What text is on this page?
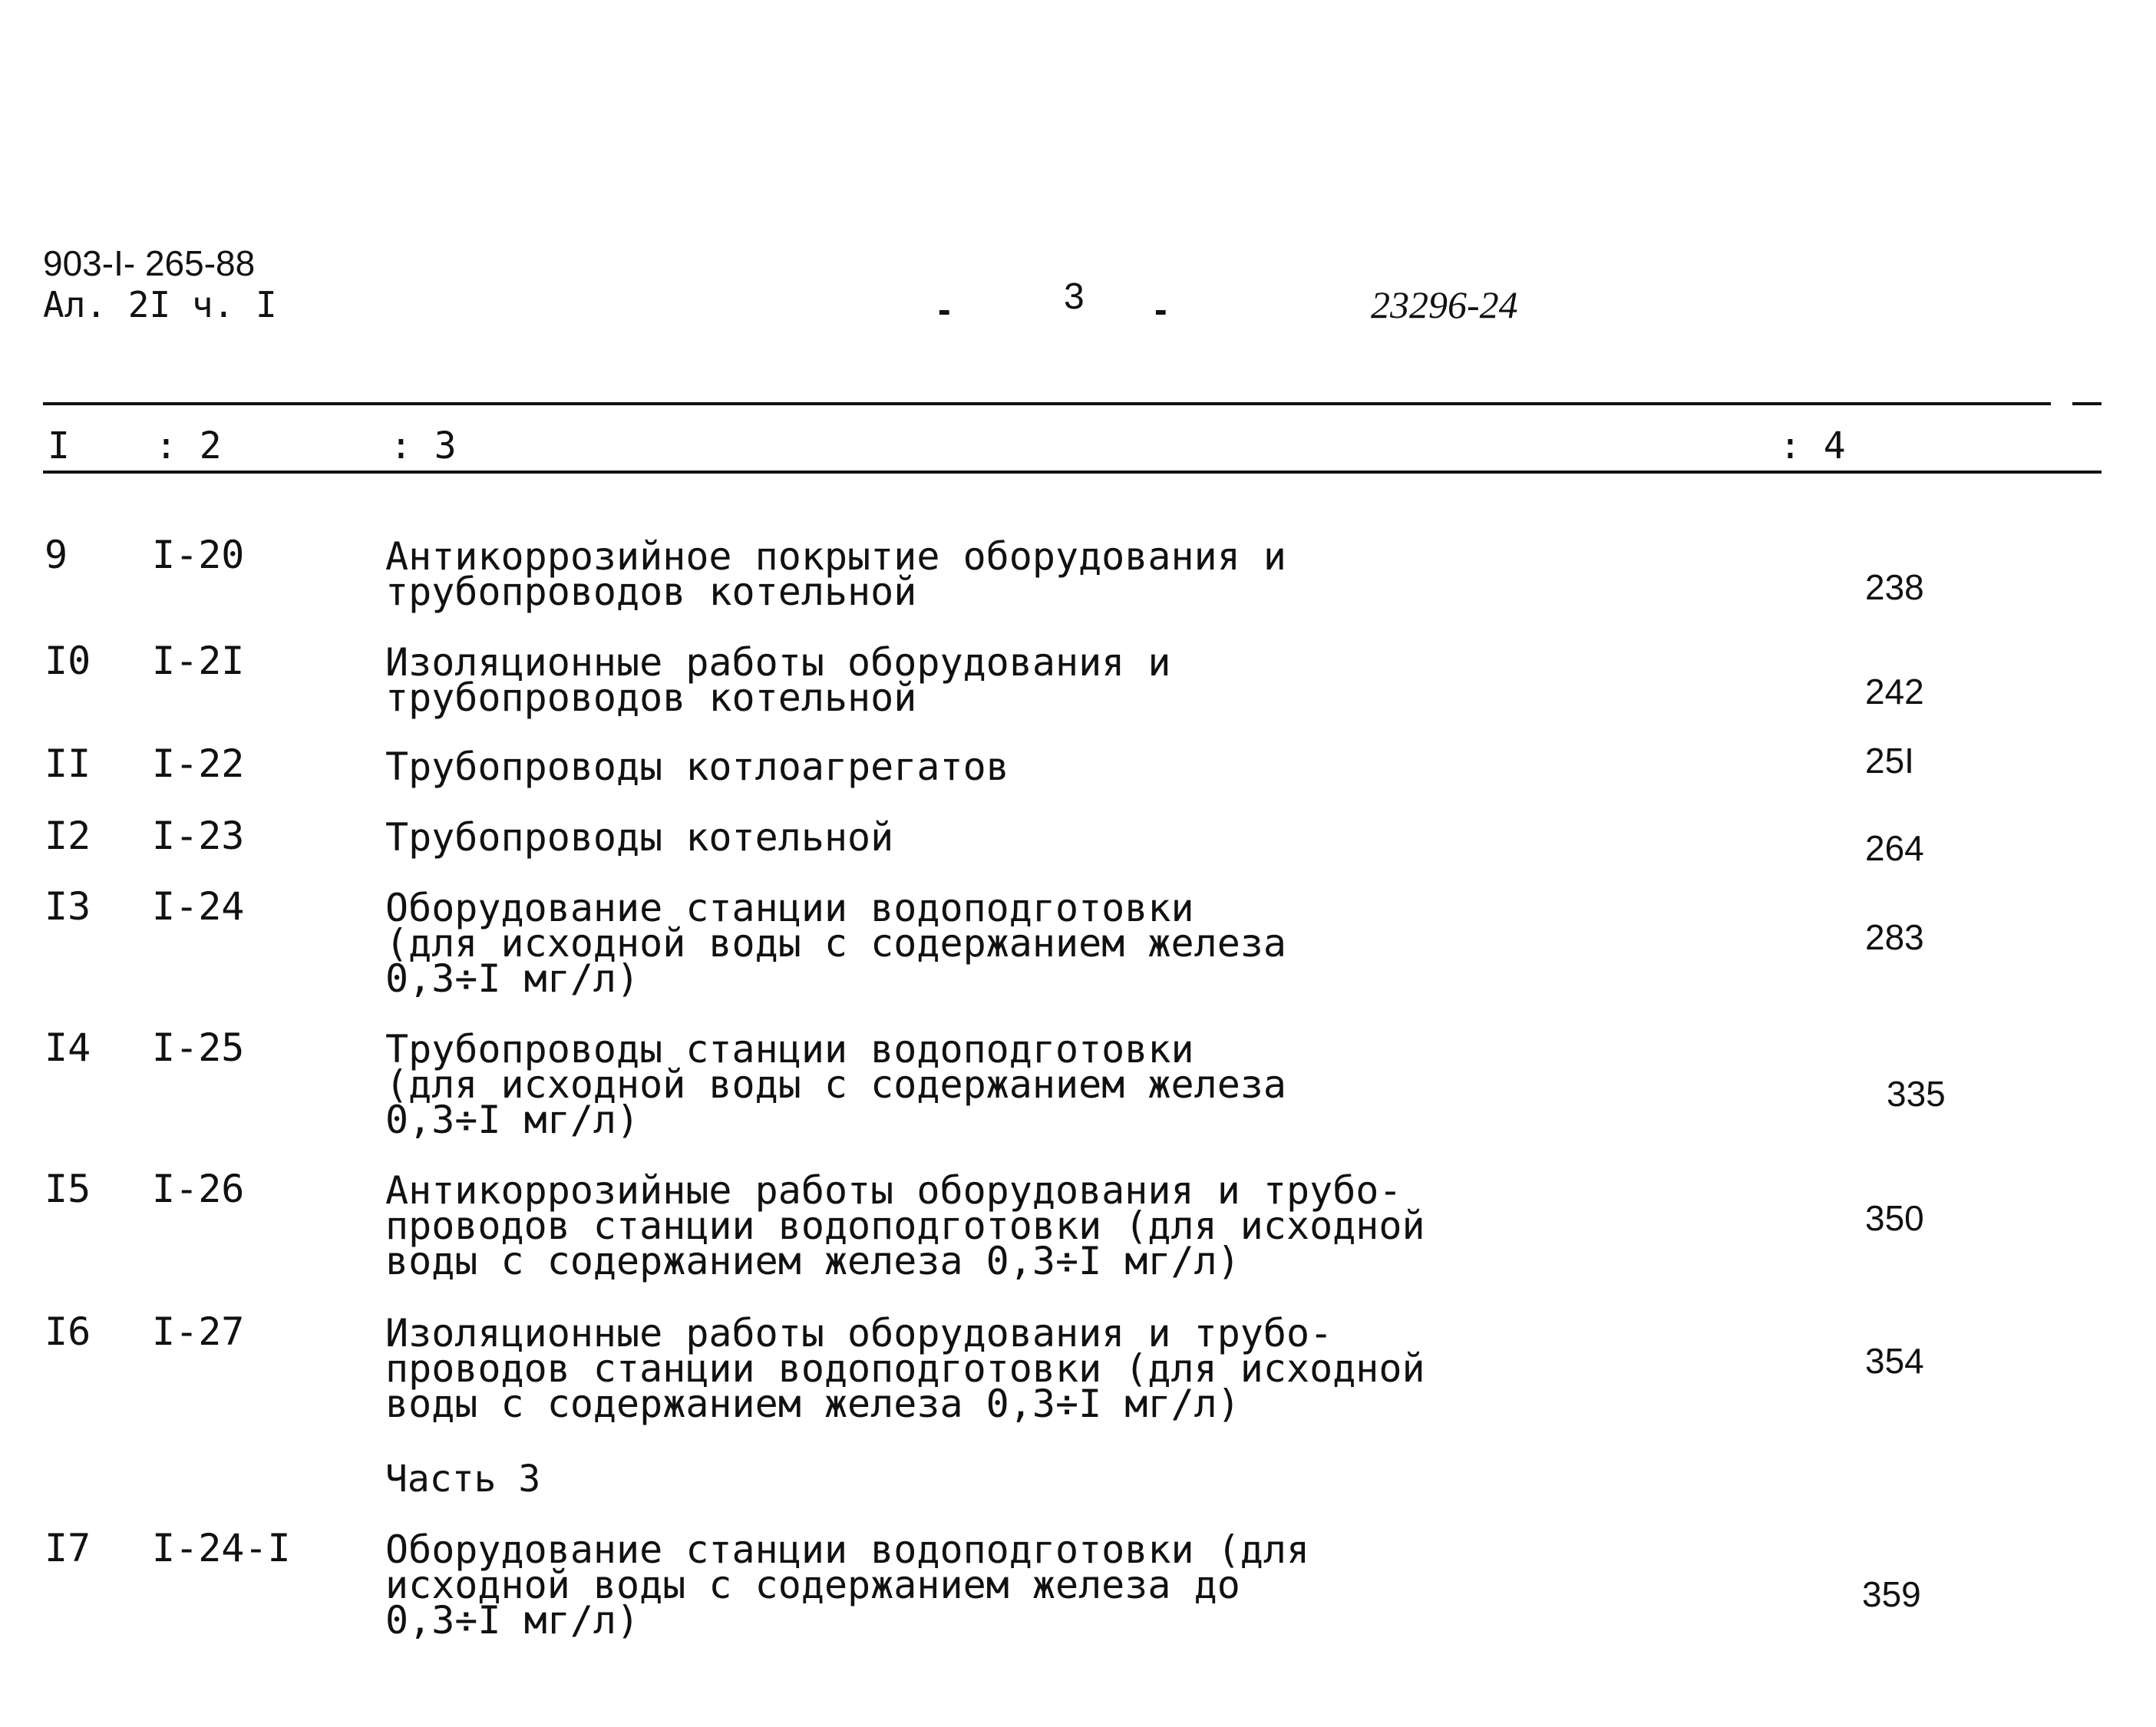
903-I- 265-88
Ал. 2I ч. I	-	3 -	23296-24
I : 2	: 3	: 4
9 I-20	Антикоррозийное покрытие оборудования и
трубопроводов котельной	238
I0 I-2I	Изоляционные работы оборудования и
трубопроводов котельной	242
II I-22	Трубопроводы котлоагрегатов	25I
I2 I-23	Трубопроводы котельной	264
I3 I-24	Оборудование станции водоподготовки
(для исходной воды с содержанием железа
0,3÷I мг/л)
283
I4 I-25	Трубопроводы станции водоподготовки
(для исходной воды с содержанием железа
0,3÷I мг/л)
335
I5 I-26	Антикоррозийные работы оборудования и трубо-
проводов станции водоподготовки (для исходной
воды с содержанием железа 0,3÷I мг/л)
350
I6 I-27	Изоляционные работы оборудования и трубо-
проводов станции водоподготовки (для исходной
воды с содержанием железа 0,3÷I мг/л)
354
Часть 3
I7 I-24-I Оборудование станции водоподготовки (для
исходной воды с содержанием железа до
0,3÷I мг/л)
359
